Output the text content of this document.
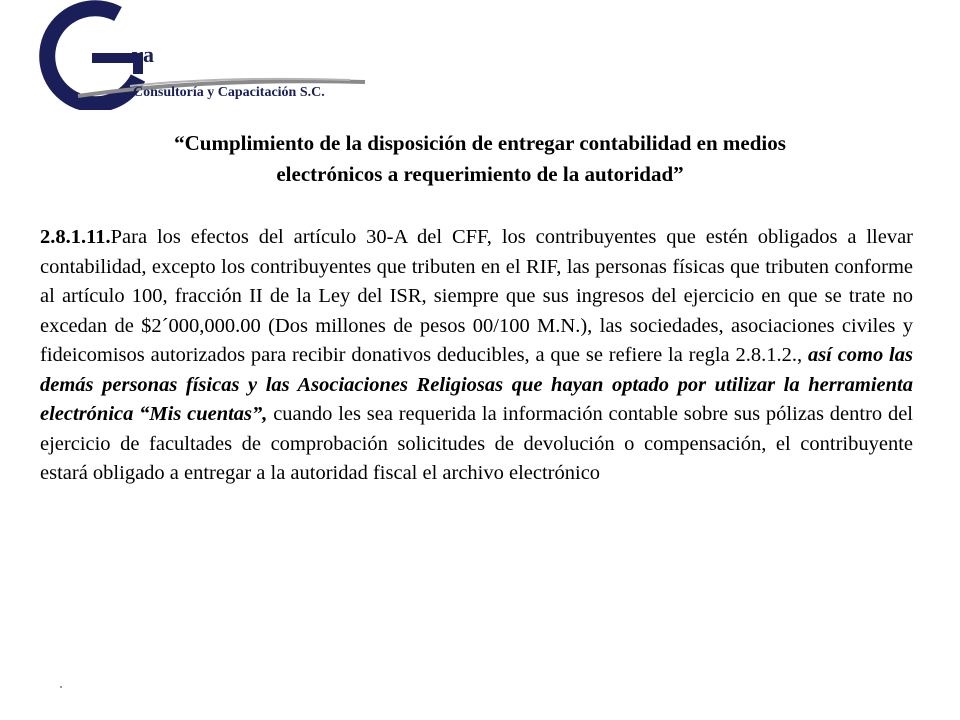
va
Consultoría y Capacitación S.C.
“Cumplimiento de la disposición de entregar contabilidad en medios
electrónicos a requerimiento de la autoridad”

2.8.1.11.Para los efectos del artículo 30-A del CFF, los contribuyentes que estén obligados a llevar contabilidad, excepto los contribuyentes que tributen en el RIF, las personas físicas que tributen conforme al artículo 100, fracción II de la Ley del ISR, siempre que sus ingresos del ejercicio en que se trate no excedan de $2´000,000.00 (Dos millones de pesos 00/100 M.N.), las sociedades, asociaciones civiles y fideicomisos autorizados para recibir donativos deducibles, a que se refiere la regla 2.8.1.2., así como las demás personas físicas y las Asociaciones Religiosas que hayan optado por utilizar la herramienta electrónica “Mis cuentas”, cuando les sea requerida la información contable sobre sus pólizas dentro del ejercicio de facultades de comprobación solicitudes de devolución o compensación, el contribuyente estará obligado a entregar a la autoridad fiscal el archivo electrónico
